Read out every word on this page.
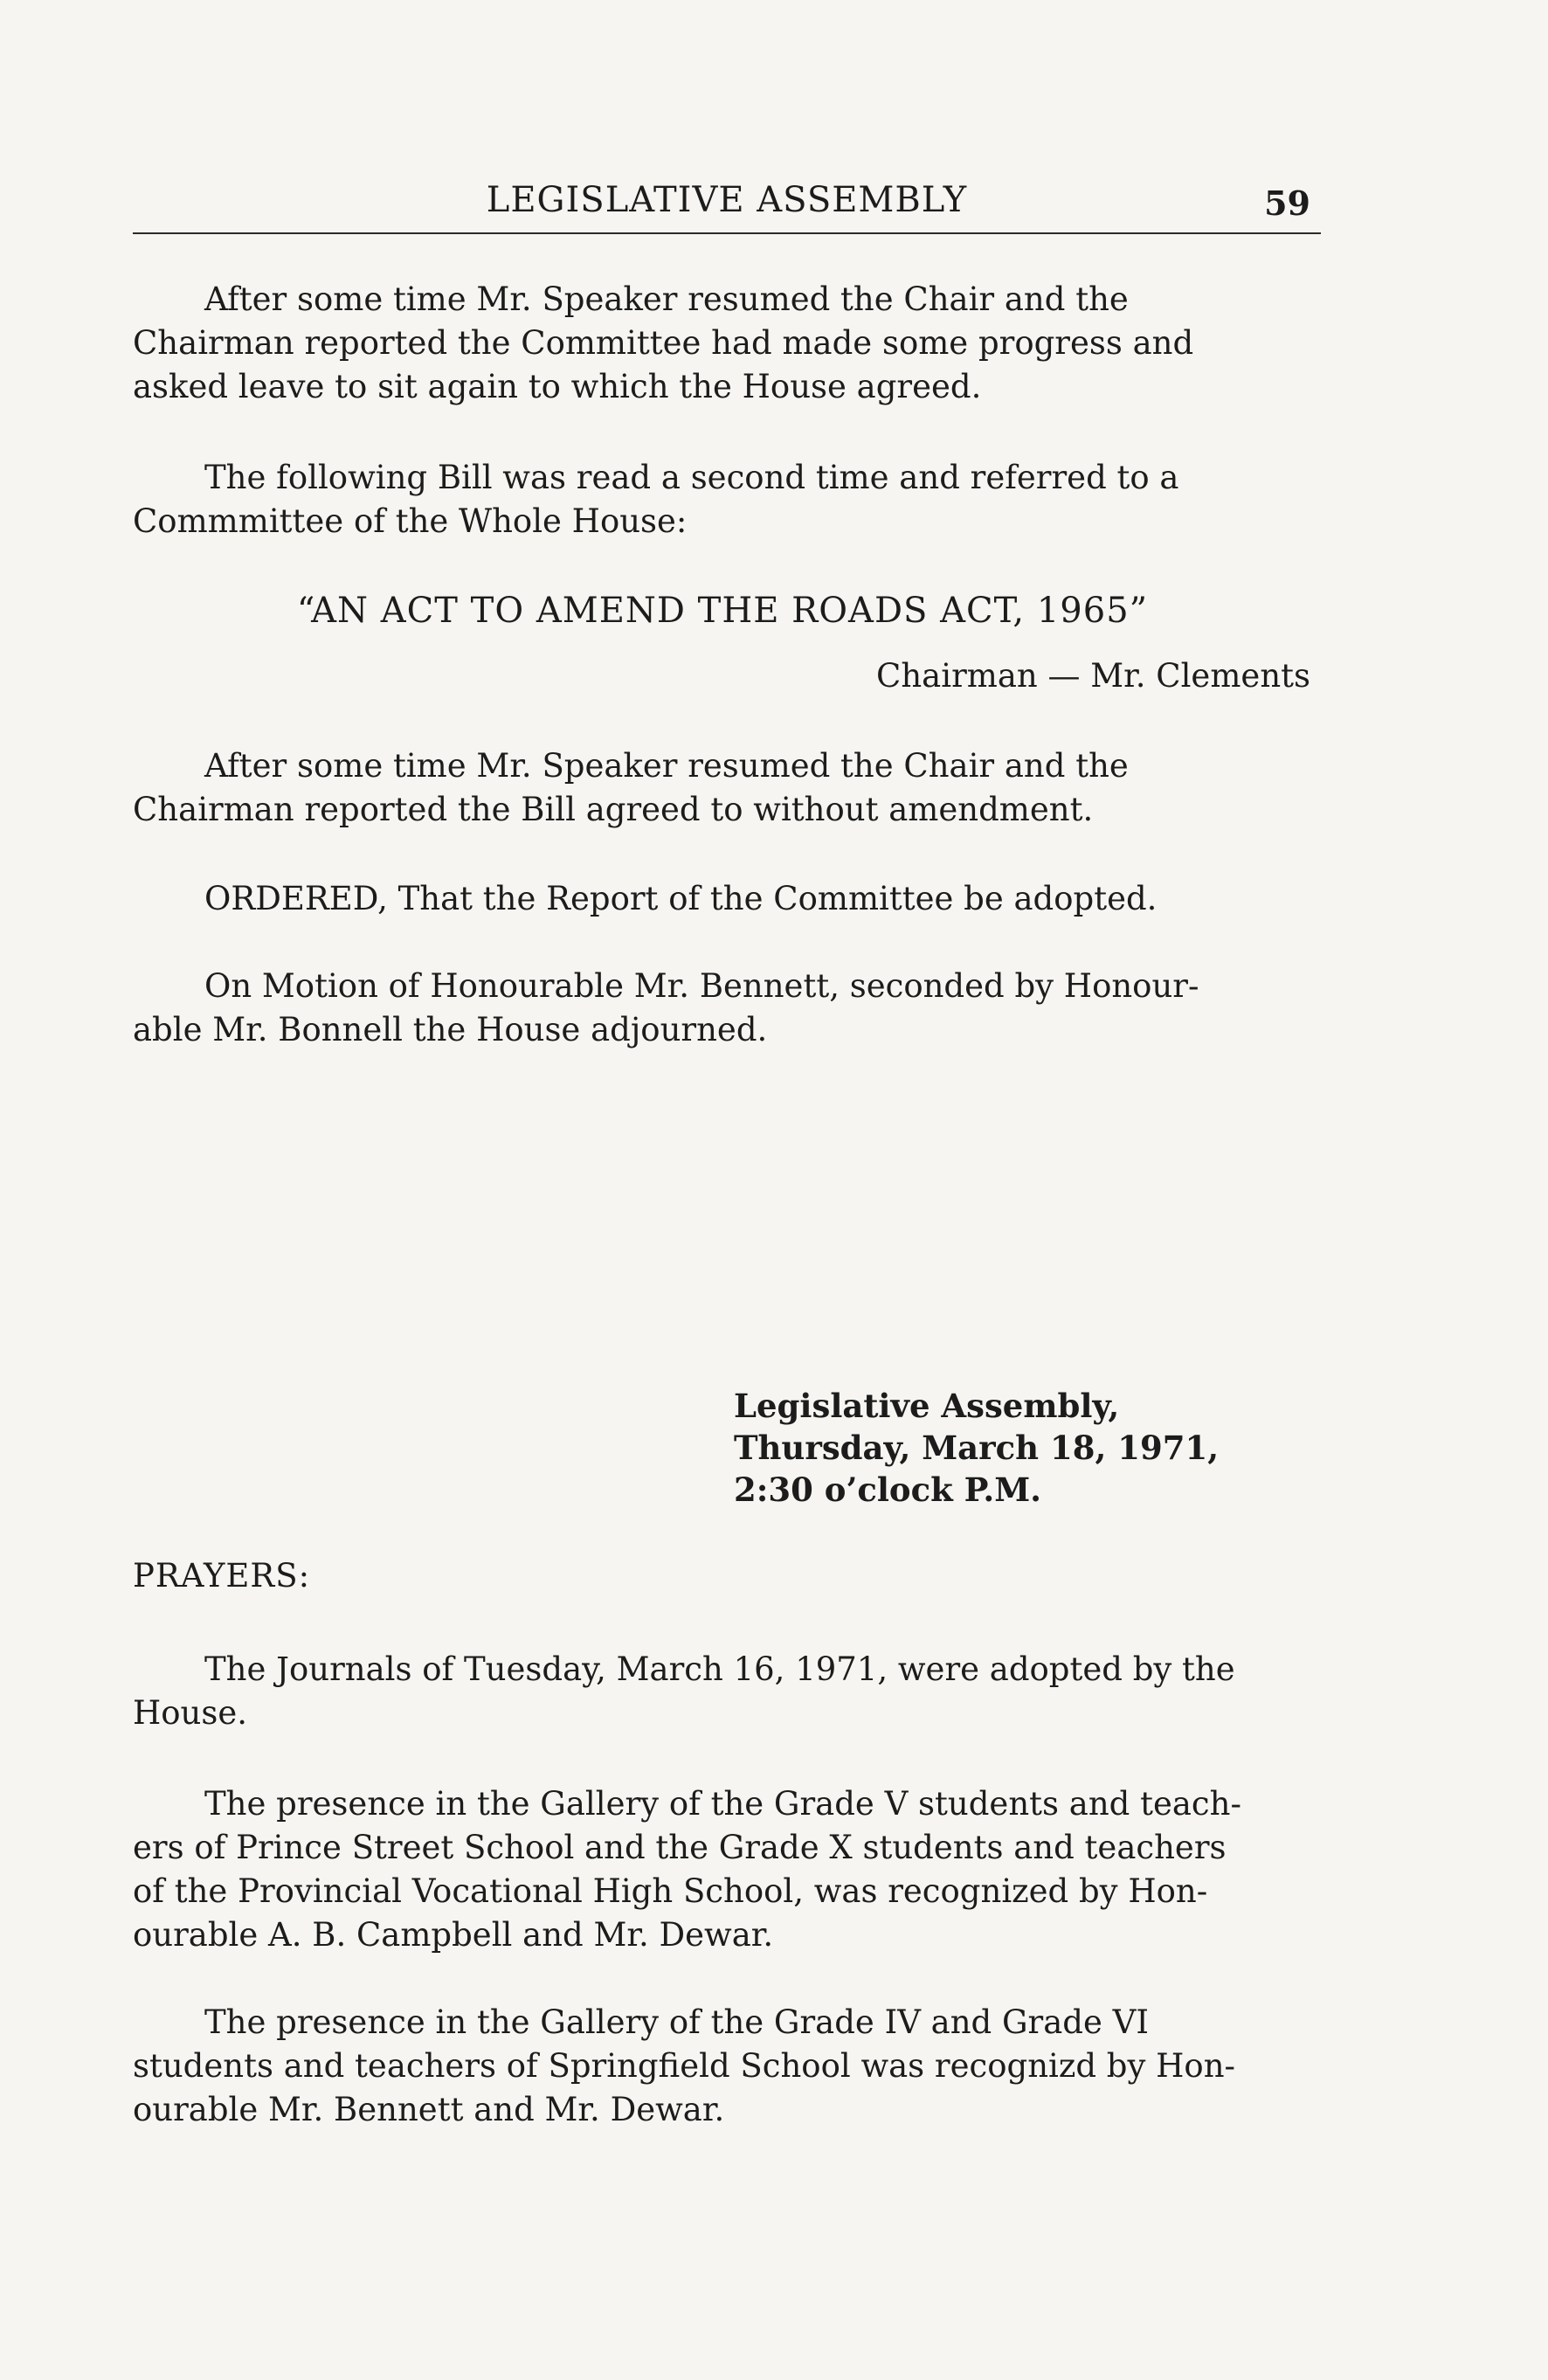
LEGISLATIVE ASSEMBLY	59
After some time Mr. Speaker resumed the Chair and the
Chairman reported the Committee had made some progress and
asked leave to sit again to which the House agreed.
The following Bill was read a second time and referred to a
Commmittee of the Whole House:
“AN ACT TO AMEND THE ROADS ACT, 1965”
Chairman — Mr. Clements
After some time Mr. Speaker resumed the Chair and the
Chairman reported the Bill agreed to without amendment.
ORDERED, That the Report of the Committee be adopted.
On Motion of Honourable Mr. Bennett, seconded by Honour-
able Mr. Bonnell the House adjourned.
Legislative Assembly,
Thursday, March 18, 1971,
2:30 o’clock P.M.
PRAYERS:
The Journals of Tuesday, March 16, 1971, were adopted by the
House.
The presence in the Gallery of the Grade V students and teach-
ers of Prince Street School and the Grade X students and teachers
of the Provincial Vocational High School, was recognized by Hon-
ourable A. B. Campbell and Mr. Dewar.
The presence in the Gallery of the Grade IV and Grade VI
students and teachers of Springfield School was recognizd by Hon-
ourable Mr. Bennett and Mr. Dewar.
